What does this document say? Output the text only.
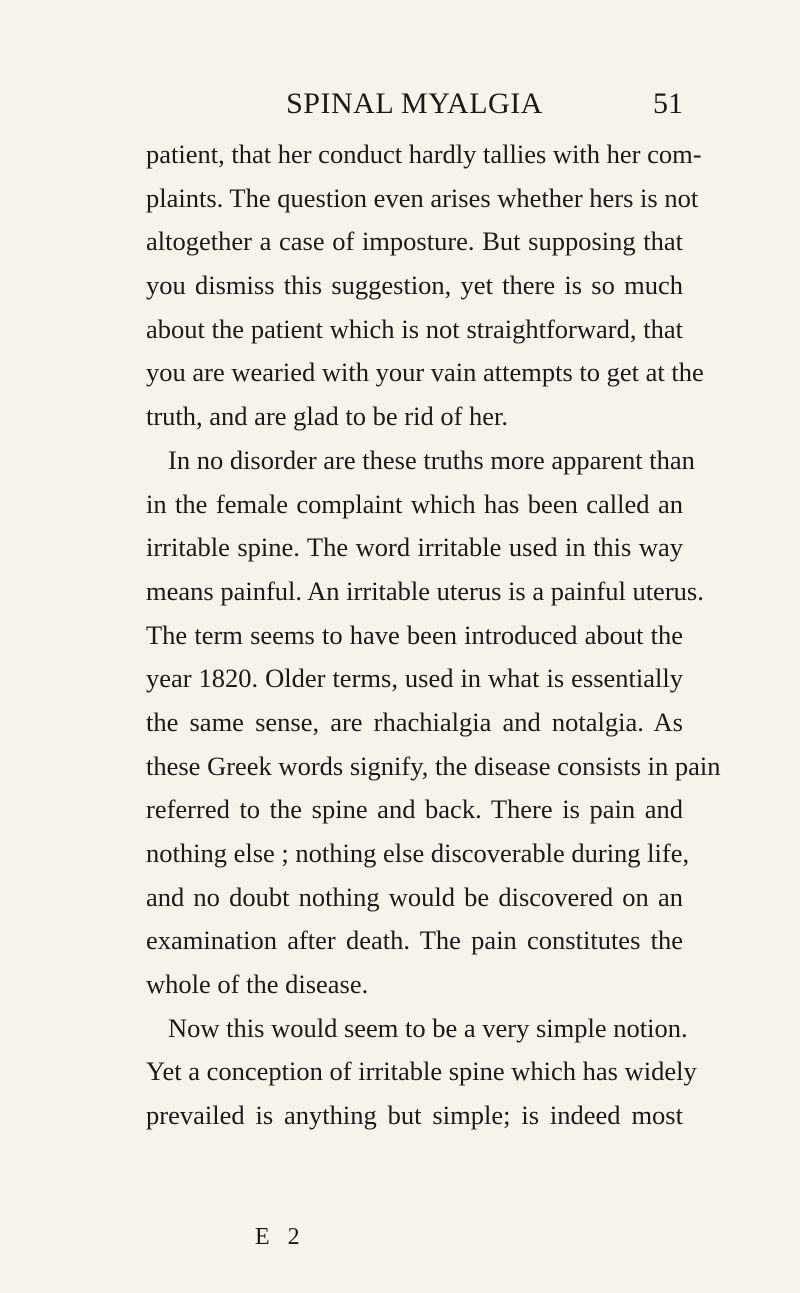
SPINAL MYALGIA	51
patient, that her conduct hardly tallies with her com-
plaints. The question even arises whether hers is not
altogether a case of imposture. But supposing that
you dismiss this suggestion, yet there is so much
about the patient which is not straightforward, that
you are wearied with your vain attempts to get at the
truth, and are glad to be rid of her.
In no disorder are these truths more apparent than
in the female complaint which has been called an
irritable spine. The word irritable used in this way
means painful. An irritable uterus is a painful uterus.
The term seems to have been introduced about the
year 1820. Older terms, used in what is essentially
the same sense, are rhachialgia and notalgia. As
these Greek words signify, the disease consists in pain
referred to the spine and back. There is pain and
nothing else ; nothing else discoverable during life,
and no doubt nothing would be discovered on an
examination after death. The pain constitutes the
whole of the disease.
Now this would seem to be a very simple notion.
Yet a conception of irritable spine which has widely
prevailed is anything but simple; is indeed most
E 2
